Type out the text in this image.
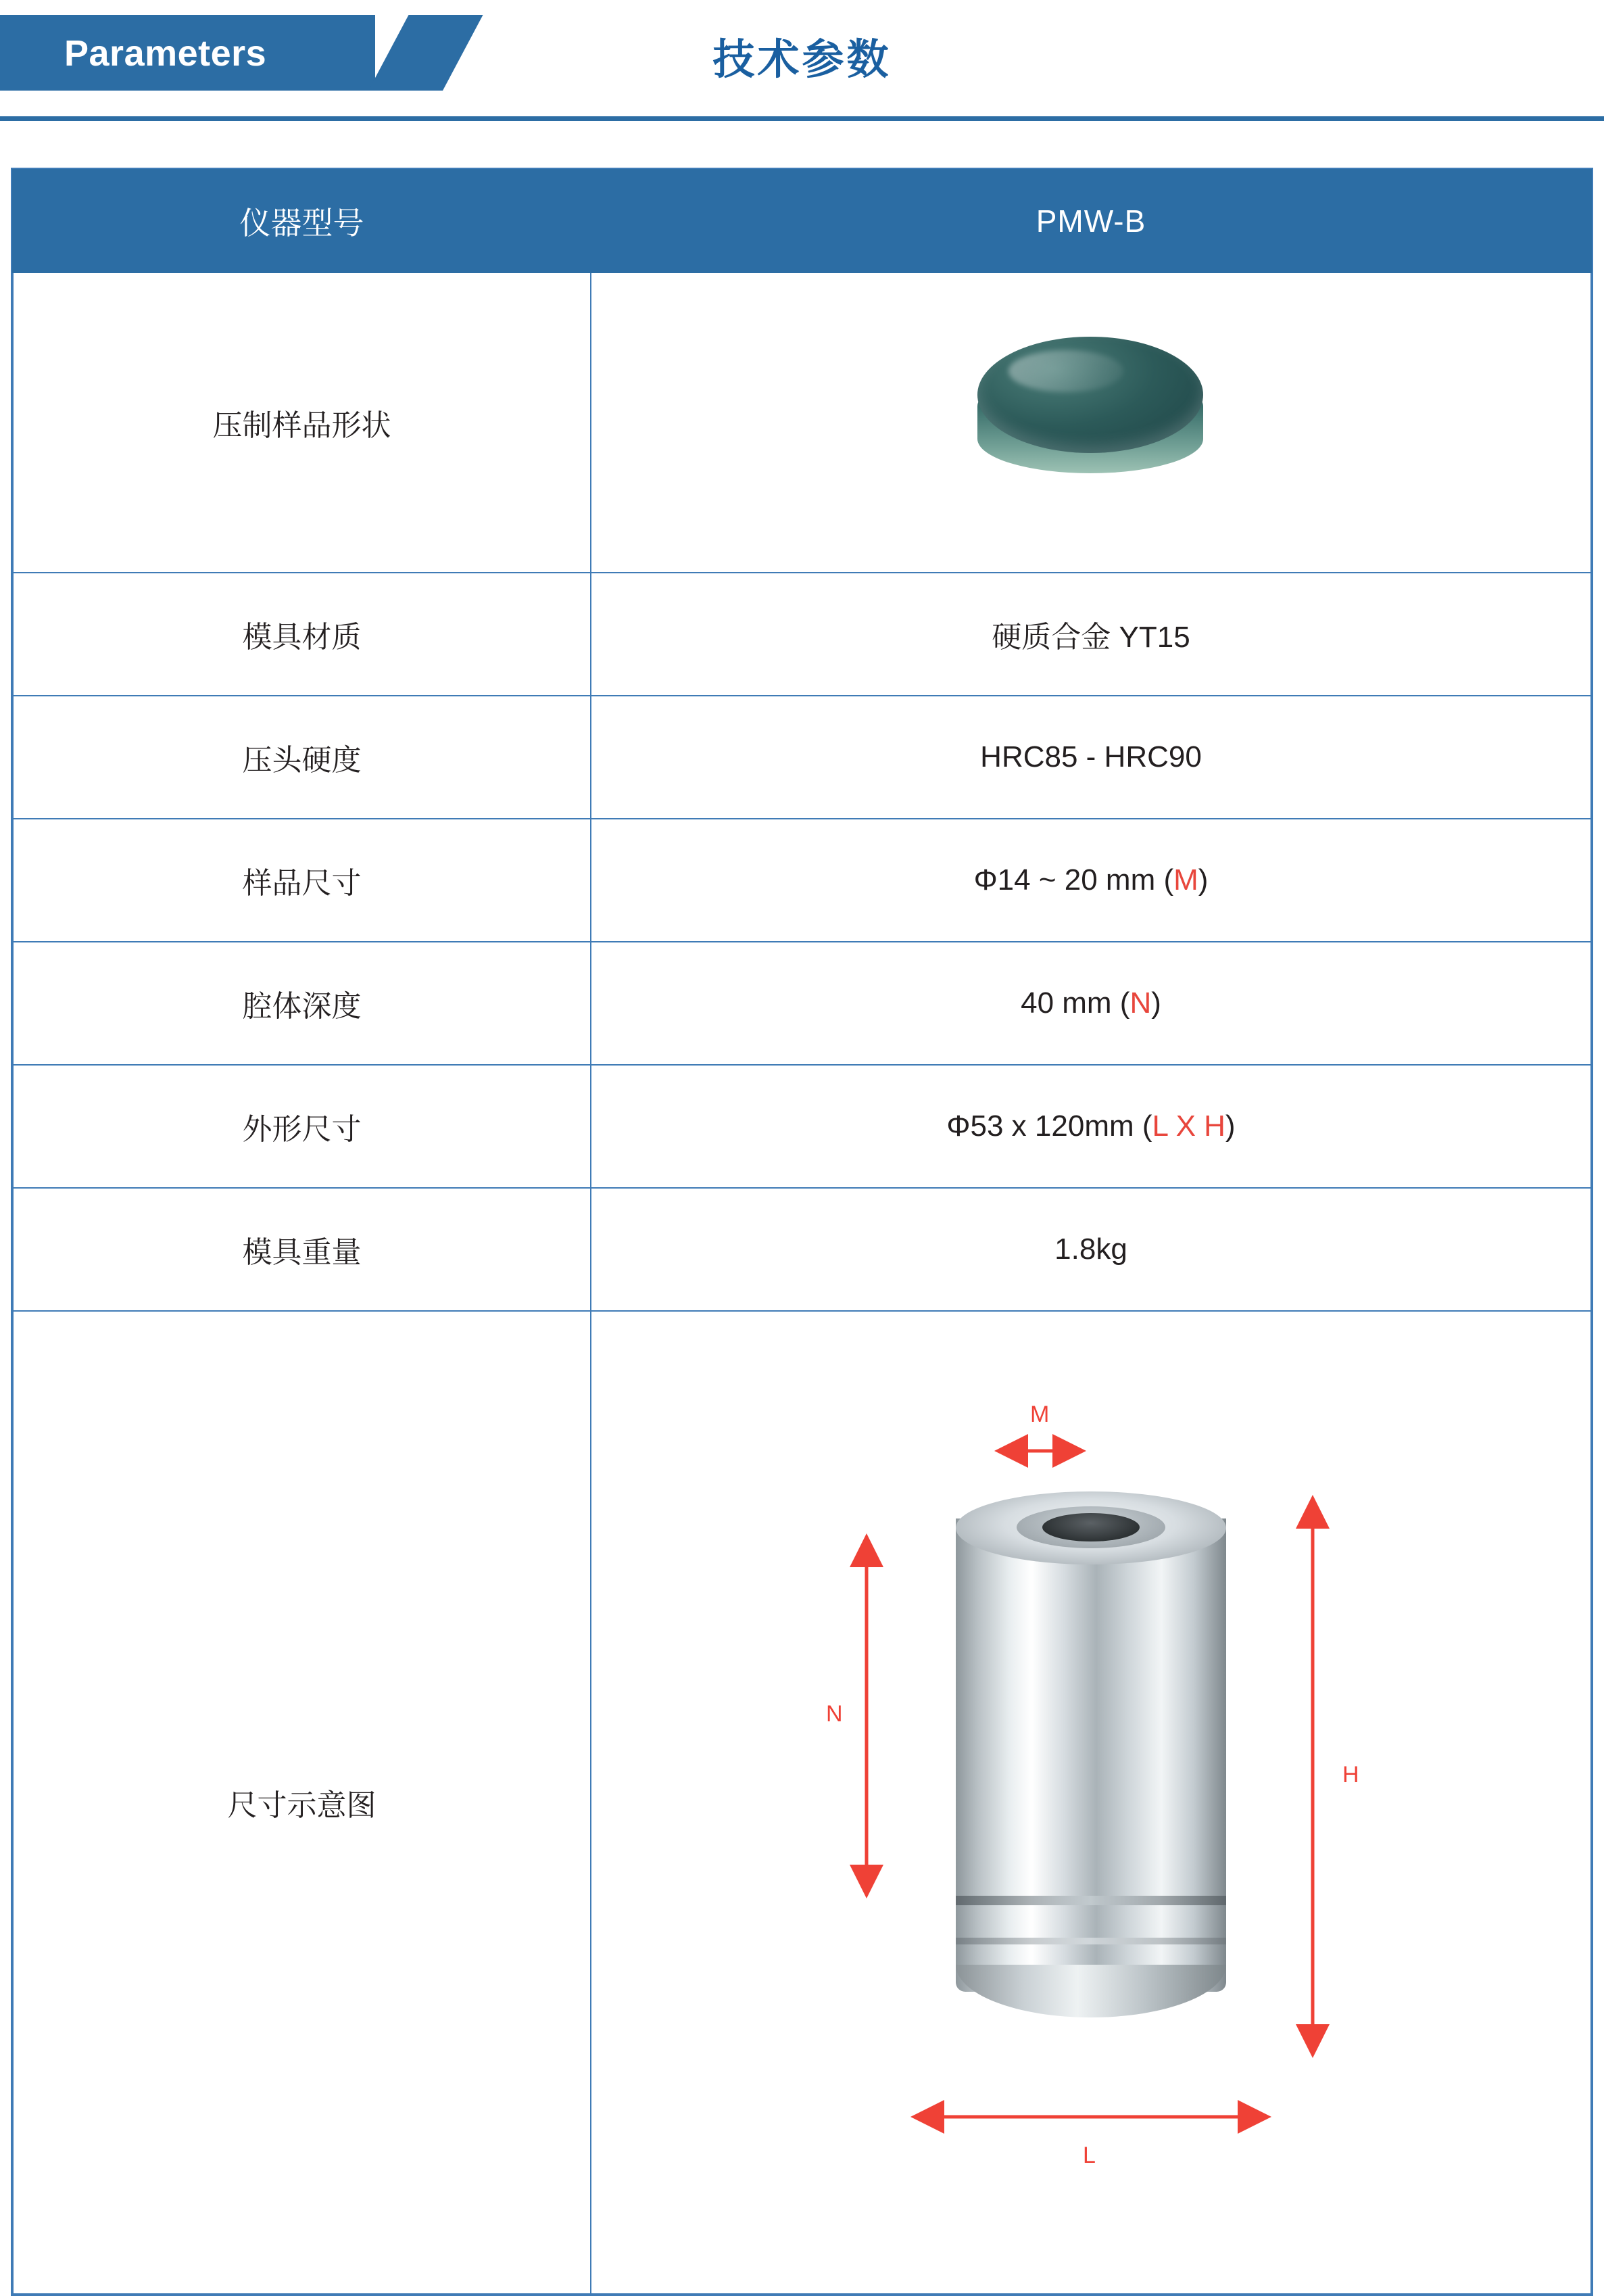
Parameters	技术参数
仪器型号	PMW-B
压制样品形状	

模具材质	硬质合金 YT15
压头硬度	HRC85 - HRC90
样品尺寸	Φ14 ~ 20 mm (M)
腔体深度	40 mm (N)
外形尺寸	Φ53 x 120mm (L X H)
模具重量	1.8kg
尺寸示意图	M
N
H
L
